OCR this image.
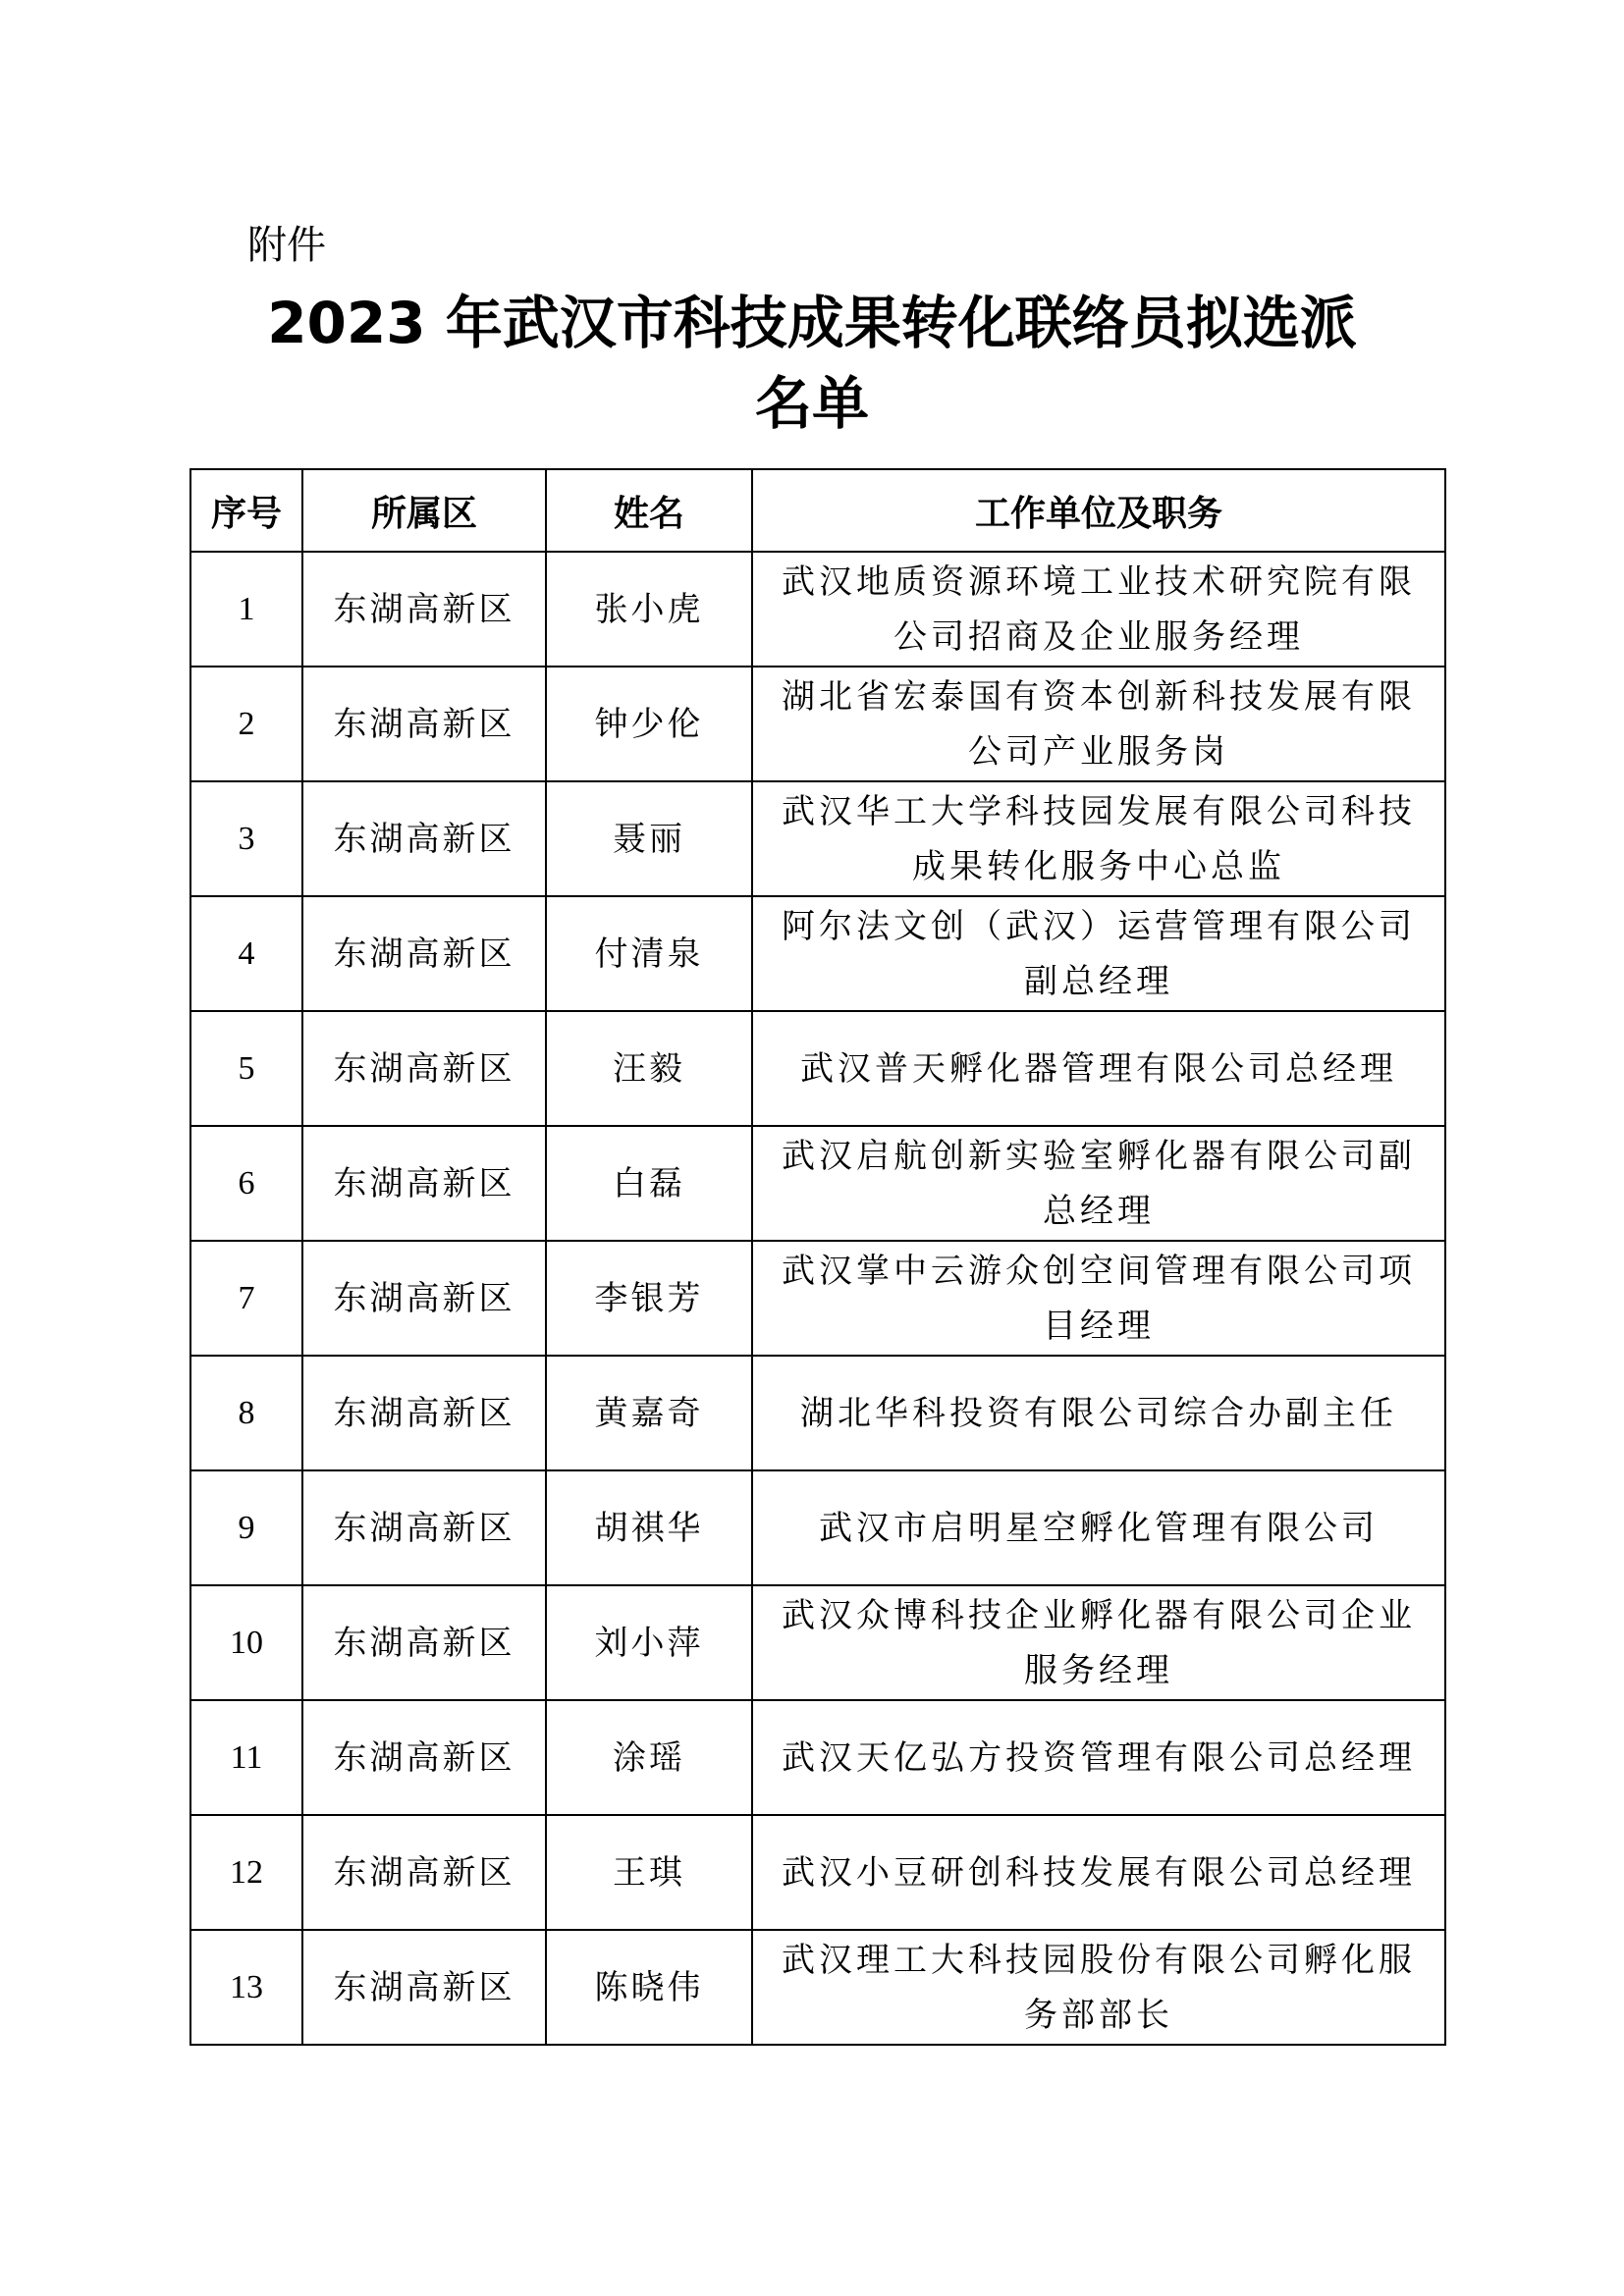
附件
2023 年武汉市科技成果转化联络员拟选派
名单
序号	所属区	姓名	工作单位及职务
1	东湖高新区	张小虎	武汉地质资源环境工业技术研究院有限公司招商及企业服务经理
2	东湖高新区	钟少伦	湖北省宏泰国有资本创新科技发展有限公司产业服务岗
3	东湖高新区	聂丽	武汉华工大学科技园发展有限公司科技成果转化服务中心总监
4	东湖高新区	付清泉	阿尔法文创（武汉）运营管理有限公司副总经理
5	东湖高新区	汪毅	武汉普天孵化器管理有限公司总经理
6	东湖高新区	白磊	武汉启航创新实验室孵化器有限公司副总经理
7	东湖高新区	李银芳	武汉掌中云游众创空间管理有限公司项目经理
8	东湖高新区	黄嘉奇	湖北华科投资有限公司综合办副主任
9	东湖高新区	胡祺华	武汉市启明星空孵化管理有限公司
10	东湖高新区	刘小萍	武汉众博科技企业孵化器有限公司企业服务经理
11	东湖高新区	涂瑶	武汉天亿弘方投资管理有限公司总经理
12	东湖高新区	王琪	武汉小豆研创科技发展有限公司总经理
13	东湖高新区	陈晓伟	武汉理工大科技园股份有限公司孵化服务部部长
